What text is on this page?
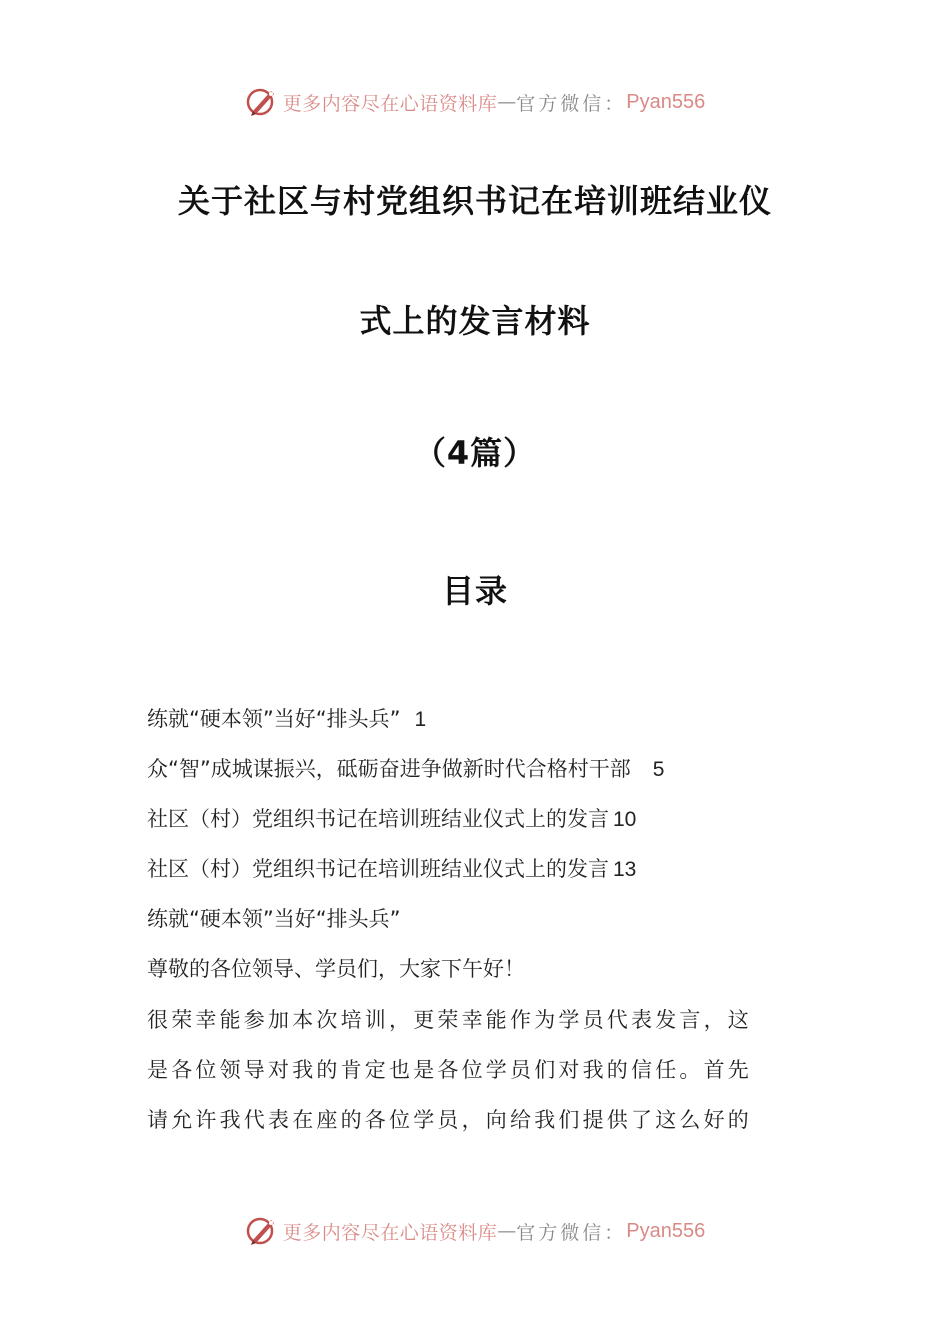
更多内容尽在心语资料库 — 官方微信： Pyan556
关于社区与村党组织书记在培训班结业仪
式上的发言材料
（4篇）
目录
练就“硬本领”当好“排头兵” 1
众“智”成城谋振兴，砥砺奋进争做新时代合格村干部 5
社区（村）党组织书记在培训班结业仪式上的发言 10
社区（村）党组织书记在培训班结业仪式上的发言 13
练就“硬本领”当好“排头兵”
尊敬的各位领导、学员们，大家下午好！
很荣幸能参加本次培训，更荣幸能作为学员代表发言，这
是各位领导对我的肯定也是各位学员们对我的信任。首先
请允许我代表在座的各位学员，向给我们提供了这么好的
更多内容尽在心语资料库 — 官方微信： Pyan556
